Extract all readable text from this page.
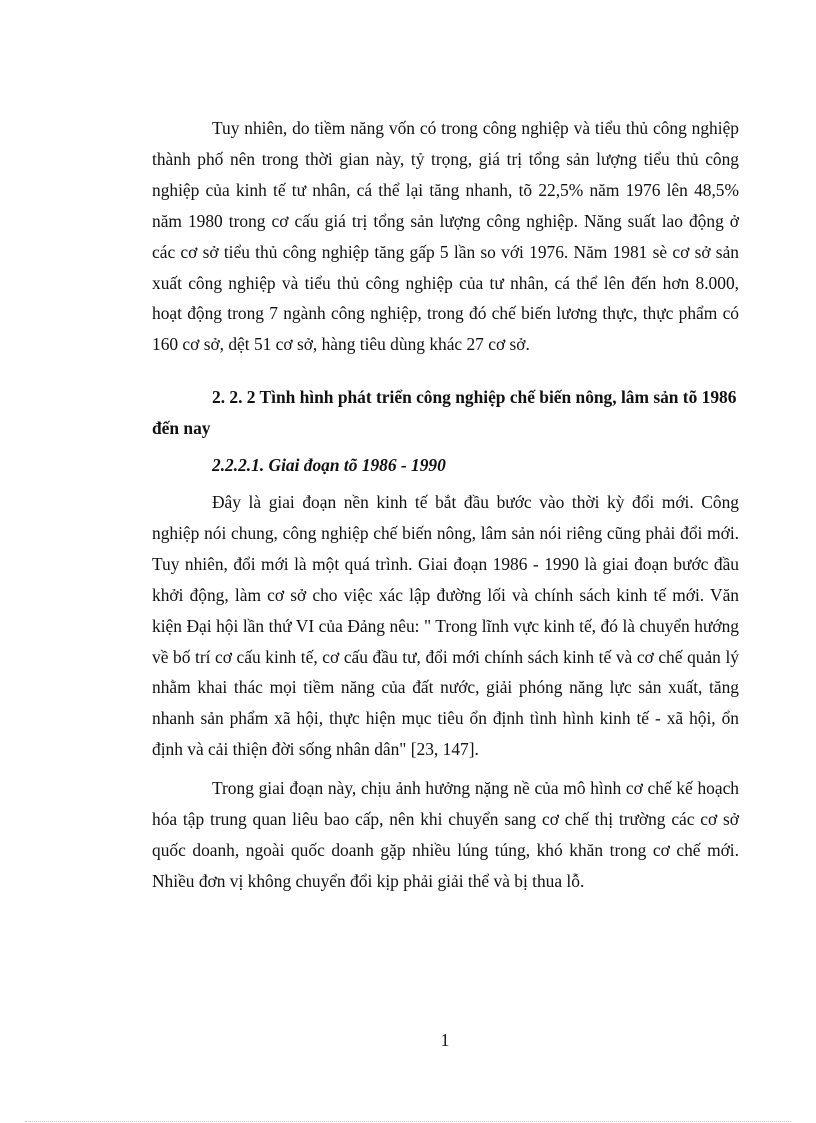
Tuy nhiên, do tiềm năng vốn có trong công nghiệp và tiểu thủ công nghiệp thành phố nên trong thời gian này, tỷ trọng, giá trị tổng sản lượng tiểu thủ công nghiệp của kinh tế tư nhân, cá thể lại tăng nhanh, tõ 22,5% năm 1976 lên 48,5% năm 1980 trong cơ cấu giá trị tổng sản lượng công nghiệp. Năng suất lao động ở các cơ sở tiểu thủ công nghiệp tăng gấp 5 lần so với 1976. Năm 1981 sè cơ sở sản xuất công nghiệp và tiểu thủ công nghiệp của tư nhân, cá thể lên đến hơn 8.000, hoạt động trong 7 ngành công nghiệp, trong đó chế biến lương thực, thực phẩm có 160 cơ sở, dệt 51 cơ sở, hàng tiêu dùng khác 27 cơ sở.

2. 2. 2 Tình hình phát triển công nghiệp chế biến nông, lâm sản tõ 1986 đến nay

2.2.2.1. Giai đoạn tõ 1986 - 1990

Đây là giai đoạn nền kinh tế bắt đầu bước vào thời kỳ đổi mới. Công nghiệp nói chung, công nghiệp chế biến nông, lâm sản nói riêng cũng phải đổi mới. Tuy nhiên, đổi mới là một quá trình. Giai đoạn 1986 - 1990 là giai đoạn bước đầu khởi động, làm cơ sở cho việc xác lập đường lối và chính sách kinh tế mới. Văn kiện Đại hội lần thứ VI của Đảng nêu: " Trong lĩnh vực kinh tế, đó là chuyển hướng về bố trí cơ cấu kinh tế, cơ cấu đầu tư, đổi mới chính sách kinh tế và cơ chế quản lý nhằm khai thác mọi tiềm năng của đất nước, giải phóng năng lực sản xuất, tăng nhanh sản phẩm xã hội, thực hiện mục tiêu ổn định tình hình kinh tế - xã hội, ổn định và cải thiện đời sống nhân dân" [23, 147].

Trong giai đoạn này, chịu ảnh hưởng nặng nề của mô hình cơ chế kế hoạch hóa tập trung quan liêu bao cấp, nên khi chuyển sang cơ chế thị trường các cơ sở quốc doanh, ngoài quốc doanh gặp nhiều lúng túng, khó khăn trong cơ chế mới. Nhiều đơn vị không chuyển đổi kịp phải giải thể và bị thua lỗ.

1
